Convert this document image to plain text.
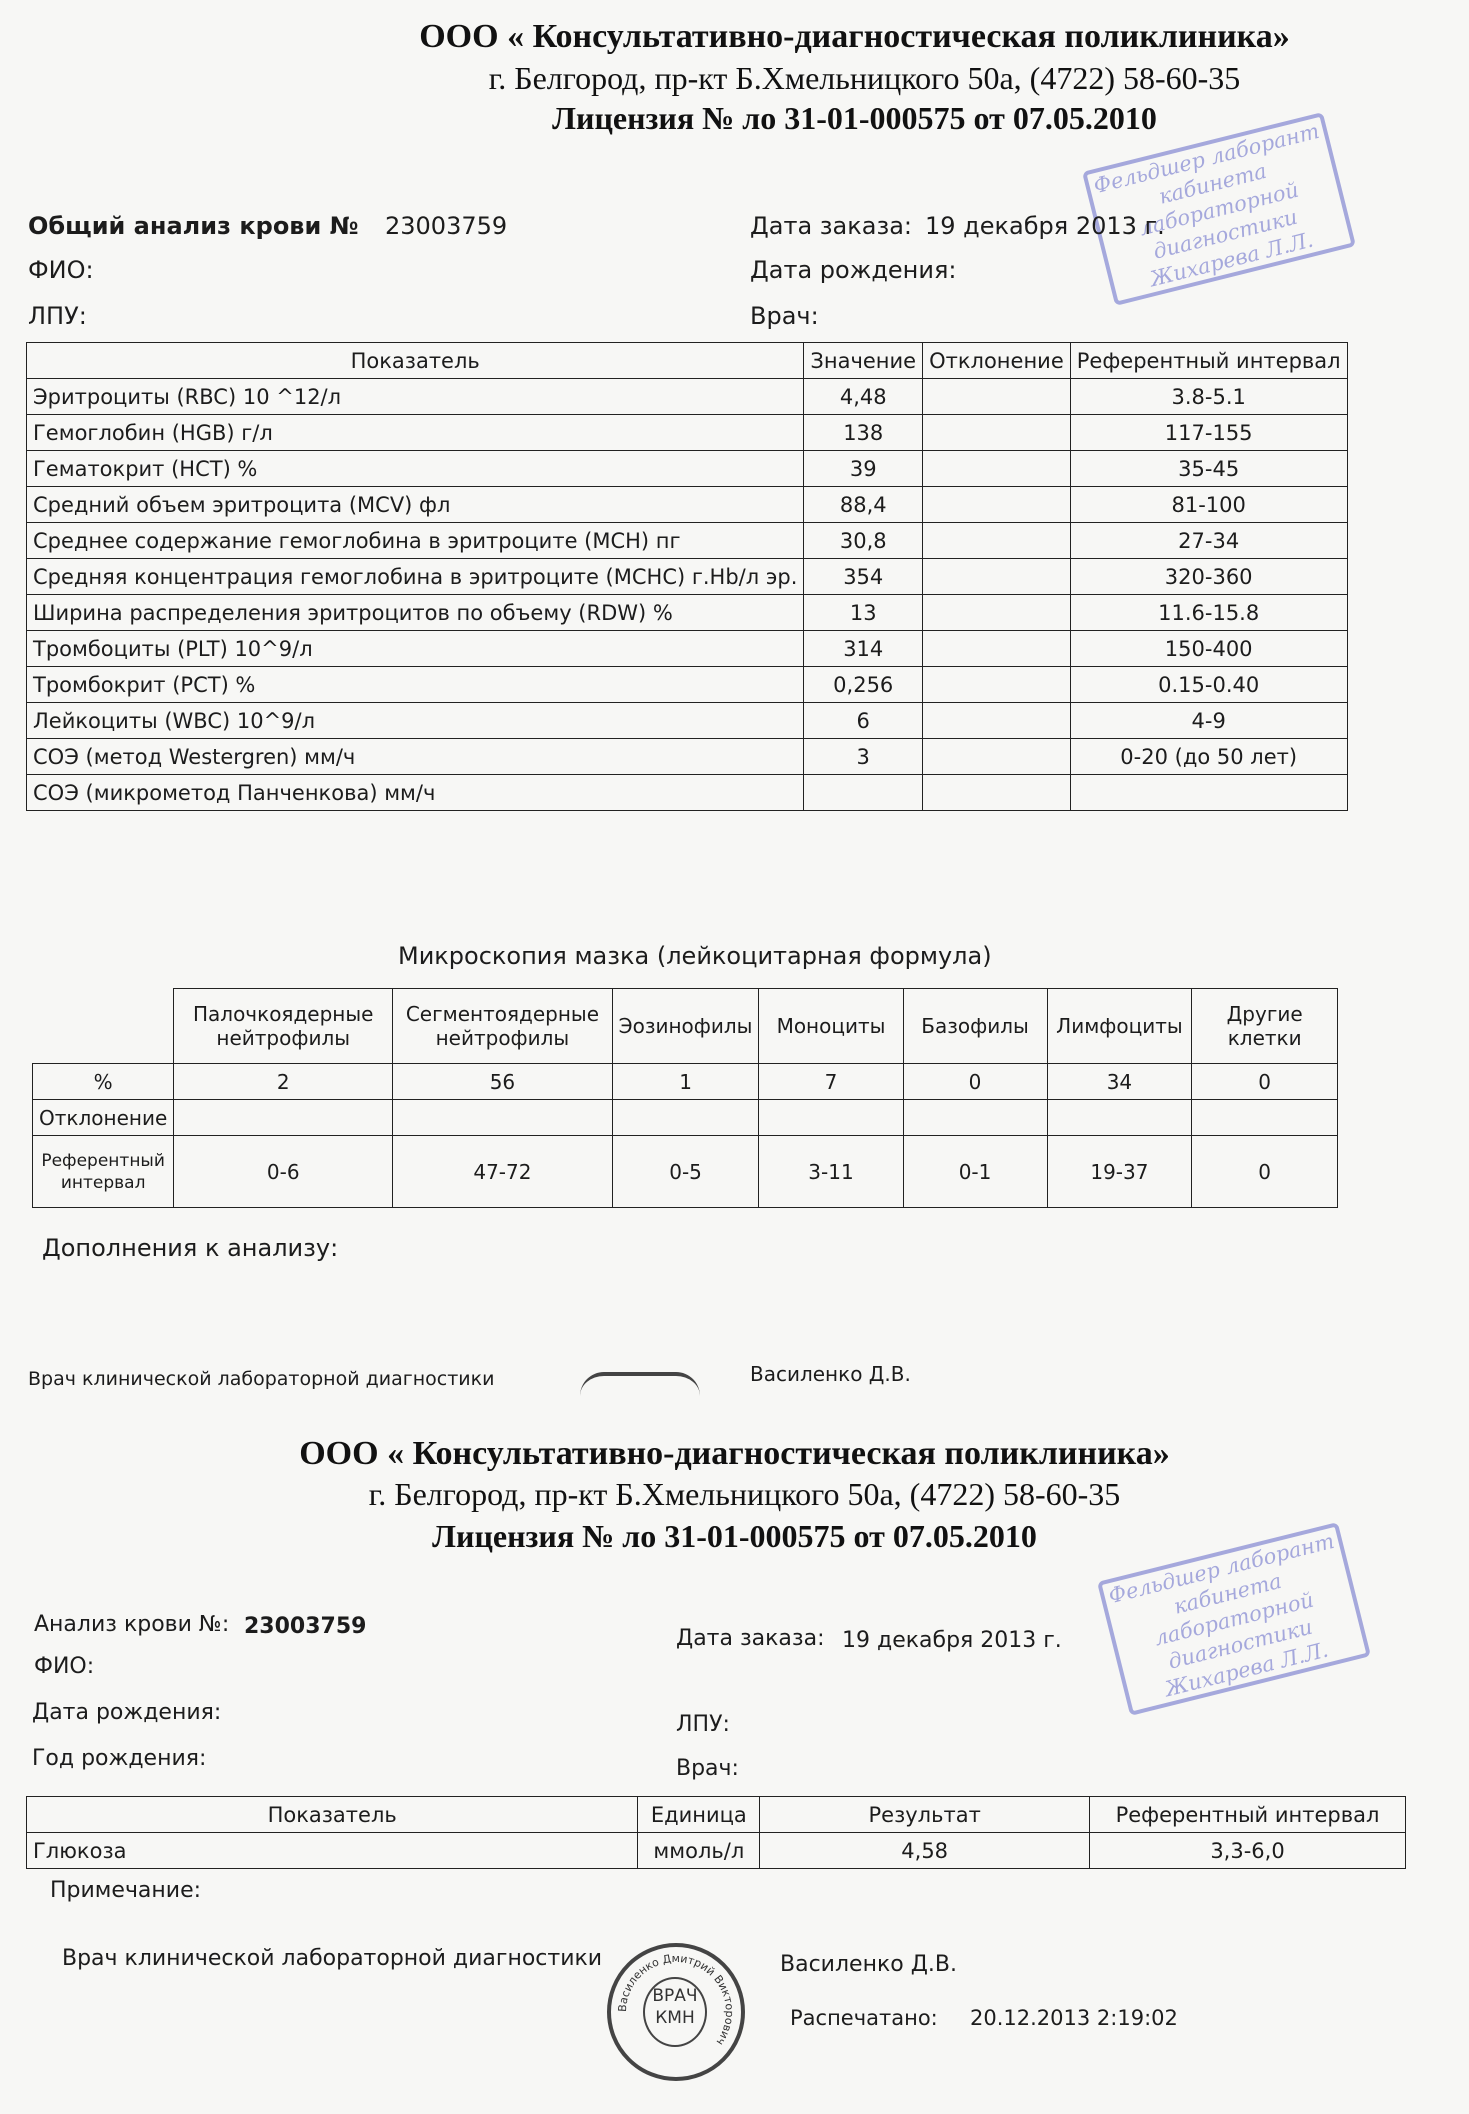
ООО « Консультативно-диагностическая поликлиника»
г. Белгород, пр-кт Б.Хмельницкого 50а, (4722) 58-60-35
Лицензия № ло 31-01-000575 от 07.05.2010
Фельдшер лаборант кабинета лабораторной диагностики Жихарева Л.Л.
Общий анализ крови № 23003759	Дата заказа: 19 декабря 2013 г.
ФИО:	Дата рождения:
ЛПУ:	Врач:
Показатель	Значение	Отклонение	Референтный интервал
Эритроциты (RBC) 10 ^12/л	4,48		3.8-5.1
Гемоглобин (HGB) г/л	138		117-155
Гематокрит (HCT) %	39		35-45
Средний объем эритроцита (MCV) фл	88,4		81-100
Среднее содержание гемоглобина в эритроците (MCH) пг	30,8		27-34
Средняя концентрация гемоглобина в эритроците (MCHC) г.Hb/л эр.	354		320-360
Ширина распределения эритроцитов по объему (RDW) %	13		11.6-15.8
Тромбоциты (PLT) 10^9/л	314		150-400
Тромбокрит (PCT) %	0,256		0.15-0.40
Лейкоциты (WBC) 10^9/л	6		4-9
СОЭ (метод Westergren) мм/ч	3		0-20 (до 50 лет)
СОЭ (микрометод Панченкова) мм/ч			
Микроскопия мазка (лейкоцитарная формула)
	Палочкоядерные нейтрофилы	Сегментоядерные нейтрофилы	Эозинофилы	Моноциты	Базофилы	Лимфоциты	Другие клетки
%	2	56	1	7	0	34	0
Отклонение							
Референтный интервал	0-6	47-72	0-5	3-11	0-1	19-37	0
Дополнения к анализу:
Врач клинической лабораторной диагностики	Василенко Д.В.
ООО « Консультативно-диагностическая поликлиника»
г. Белгород, пр-кт Б.Хмельницкого 50а, (4722) 58-60-35
Лицензия № ло 31-01-000575 от 07.05.2010	Фельдшер лаборант кабинета лабораторной диагностики Жихарева Л.Л.
Анализ крови №: 23003759	Дата заказа: 19 декабря 2013 г.
ФИО:
Дата рождения:	ЛПУ:
Год рождения:	Врач:
Показатель	Единица	Результат	Референтный интервал
Глюкоза	ммоль/л	4,58	3,3-6,0
Примечание:
Врач клинической лабораторной диагностики	Василенко Д.В.
Распечатано: 20.12.2013 2:19:02
Василенко Дмитрий Викторович
ВРАЧ КМН
